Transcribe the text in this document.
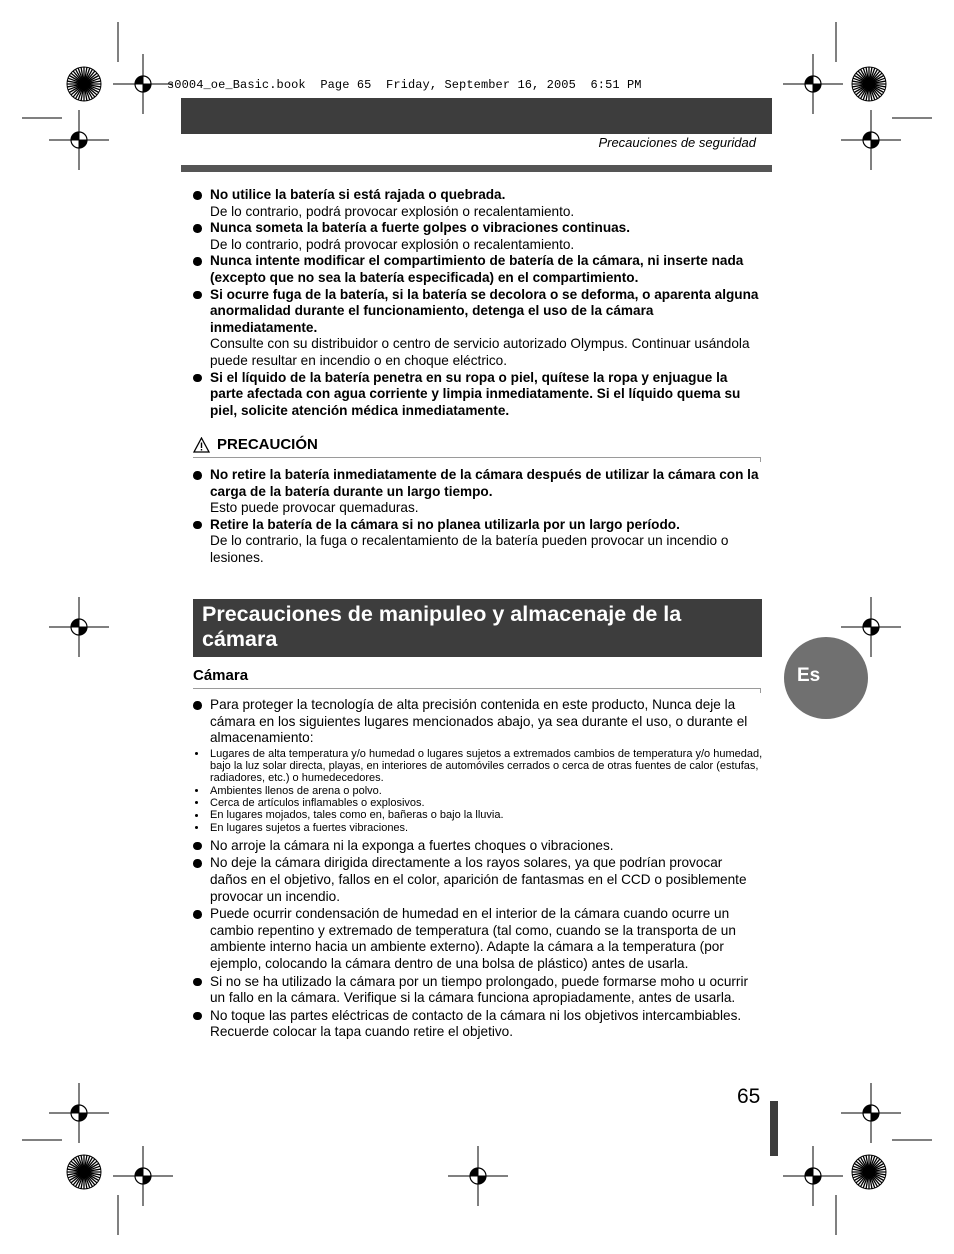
s0004_oe_Basic.book  Page 65  Friday, September 16, 2005  6:51 PM
Precauciones de seguridad
No utilice la batería si está rajada o quebrada.
De lo contrario, podrá provocar explosión o recalentamiento.
Nunca someta la batería a fuerte golpes o vibraciones continuas.
De lo contrario, podrá provocar explosión o recalentamiento.
Nunca intente modificar el compartimiento de batería de la cámara, ni inserte nada (excepto que no sea la batería especificada) en el compartimiento.
Si ocurre fuga de la batería, si la batería se decolora o se deforma, o aparenta alguna anormalidad durante el funcionamiento, detenga el uso de la cámara inmediatamente.
Consulte con su distribuidor o centro de servicio autorizado Olympus. Continuar usándola puede resultar en incendio o en choque eléctrico.
Si el líquido de la batería penetra en su ropa o piel, quítese la ropa y enjuague la parte afectada con agua corriente y limpia inmediatamente. Si el líquido quema su piel, solicite atención médica inmediatamente.
PRECAUCIÓN
No retire la batería inmediatamente de la cámara después de utilizar la cámara con la carga de la batería durante un largo tiempo.
Esto puede provocar quemaduras.
Retire la batería de la cámara si no planea utilizarla por un largo período.
De lo contrario, la fuga o recalentamiento de la batería pueden provocar un incendio o lesiones.
Precauciones de manipuleo y almacenaje de la cámara
Cámara
Para proteger la tecnología de alta precisión contenida en este producto, Nunca deje la cámara en los siguientes lugares mencionados abajo, ya sea durante el uso, o durante el almacenamiento:
Lugares de alta temperatura y/o humedad o lugares sujetos a extremados cambios de temperatura y/o humedad, bajo la luz solar directa, playas, en interiores de automóviles cerrados o cerca de otras fuentes de calor (estufas, radiadores, etc.) o humedecedores.
Ambientes llenos de arena o polvo.
Cerca de artículos inflamables o explosivos.
En lugares mojados, tales como en, bañeras o bajo la lluvia.
En lugares sujetos a fuertes vibraciones.
No arroje la cámara ni la exponga a fuertes choques o vibraciones.
No deje la cámara dirigida directamente a los rayos solares, ya que podrían provocar daños en el objetivo, fallos en el color, aparición de fantasmas en el CCD o posiblemente provocar un incendio.
Puede ocurrir condensación de humedad en el interior de la cámara cuando ocurre un cambio repentino y extremado de temperatura (tal como, cuando se la transporta de un ambiente interno hacia un ambiente externo). Adapte la cámara a la temperatura (por ejemplo, colocando la cámara dentro de una bolsa de plástico) antes de usarla.
Si no se ha utilizado la cámara por un tiempo prolongado, puede formarse moho u ocurrir un fallo en la cámara. Verifique si la cámara funciona apropiadamente, antes de usarla.
No toque las partes eléctricas de contacto de la cámara ni los objetivos intercambiables. Recuerde colocar la tapa cuando retire el objetivo.
Es
65
